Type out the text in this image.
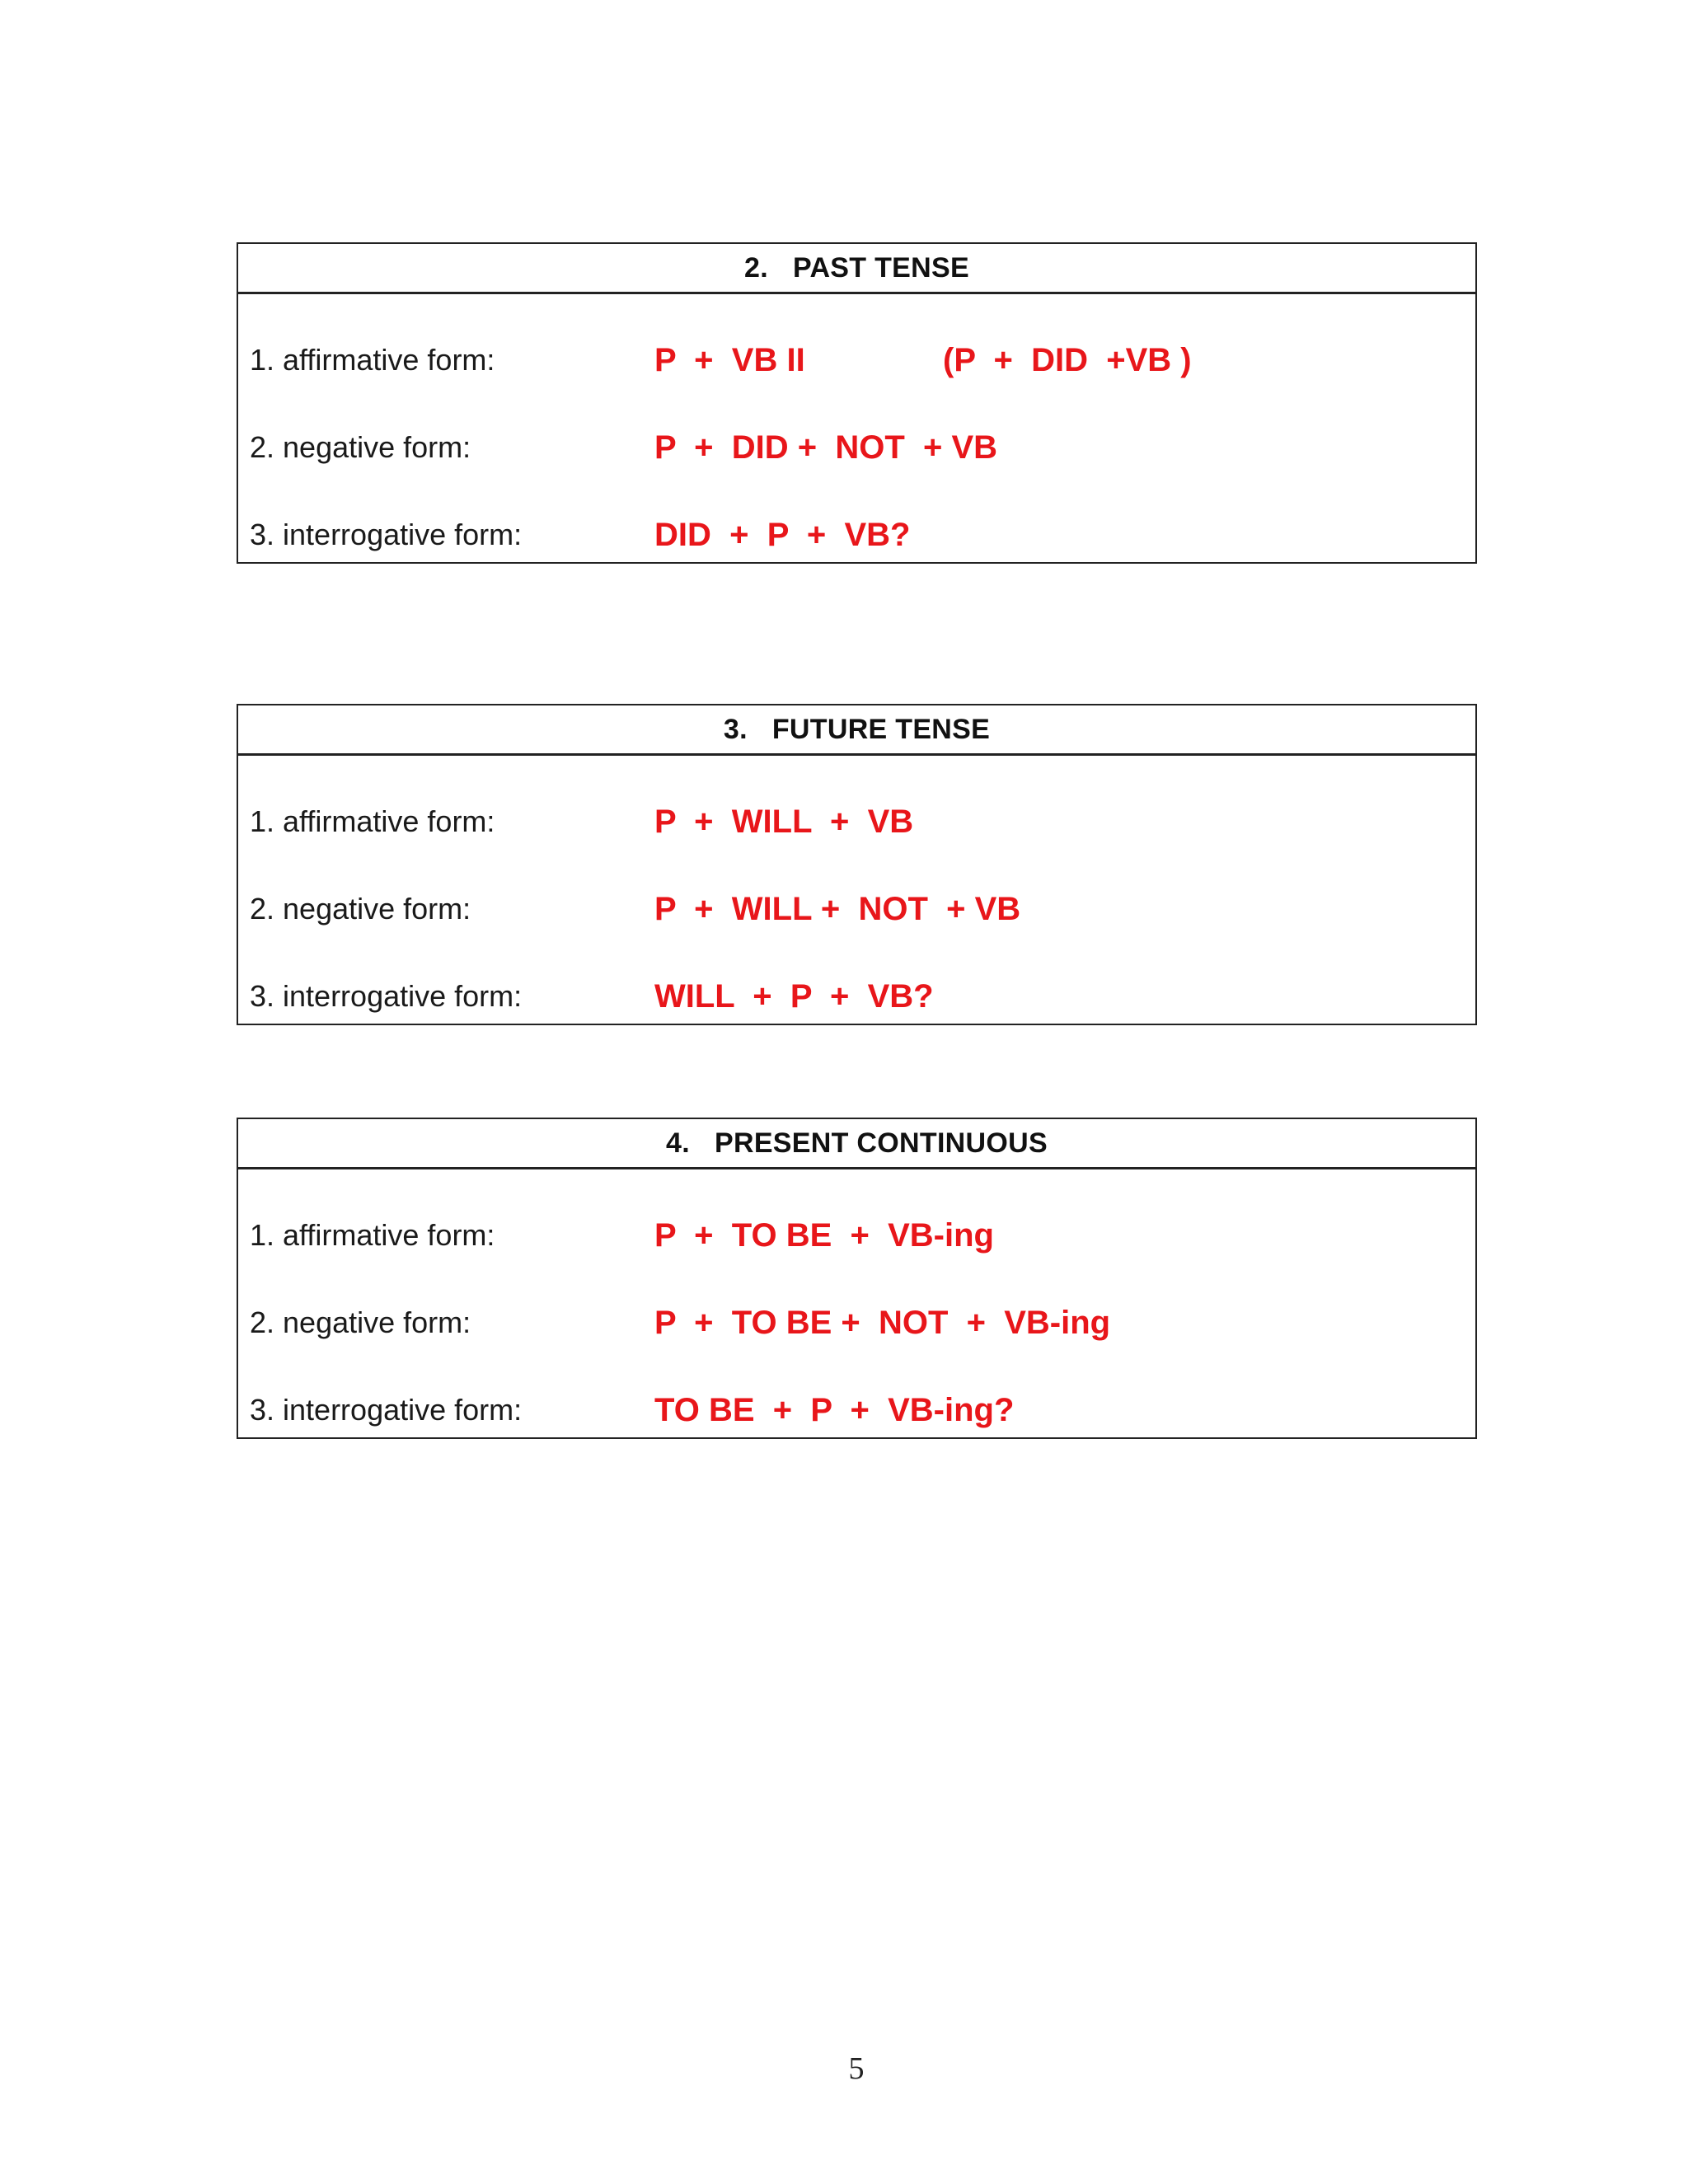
2. PAST TENSE
1. affirmative form:	P  +  VB II	(P  +  DID  +VB )
2. negative form:	P  +  DID +  NOT  + VB
3. interrogative form:	DID  +  P  +  VB?
3. FUTURE TENSE
1. affirmative form:	P  +  WILL  +  VB
2. negative form:	P  +  WILL +  NOT  + VB
3. interrogative form:	WILL  +  P  +  VB?
4. PRESENT CONTINUOUS
1. affirmative form:	P  +  TO BE  +  VB-ing
2. negative form:	P  +  TO BE +  NOT  +  VB-ing
3. interrogative form:	TO BE  +  P  +  VB-ing?
5
